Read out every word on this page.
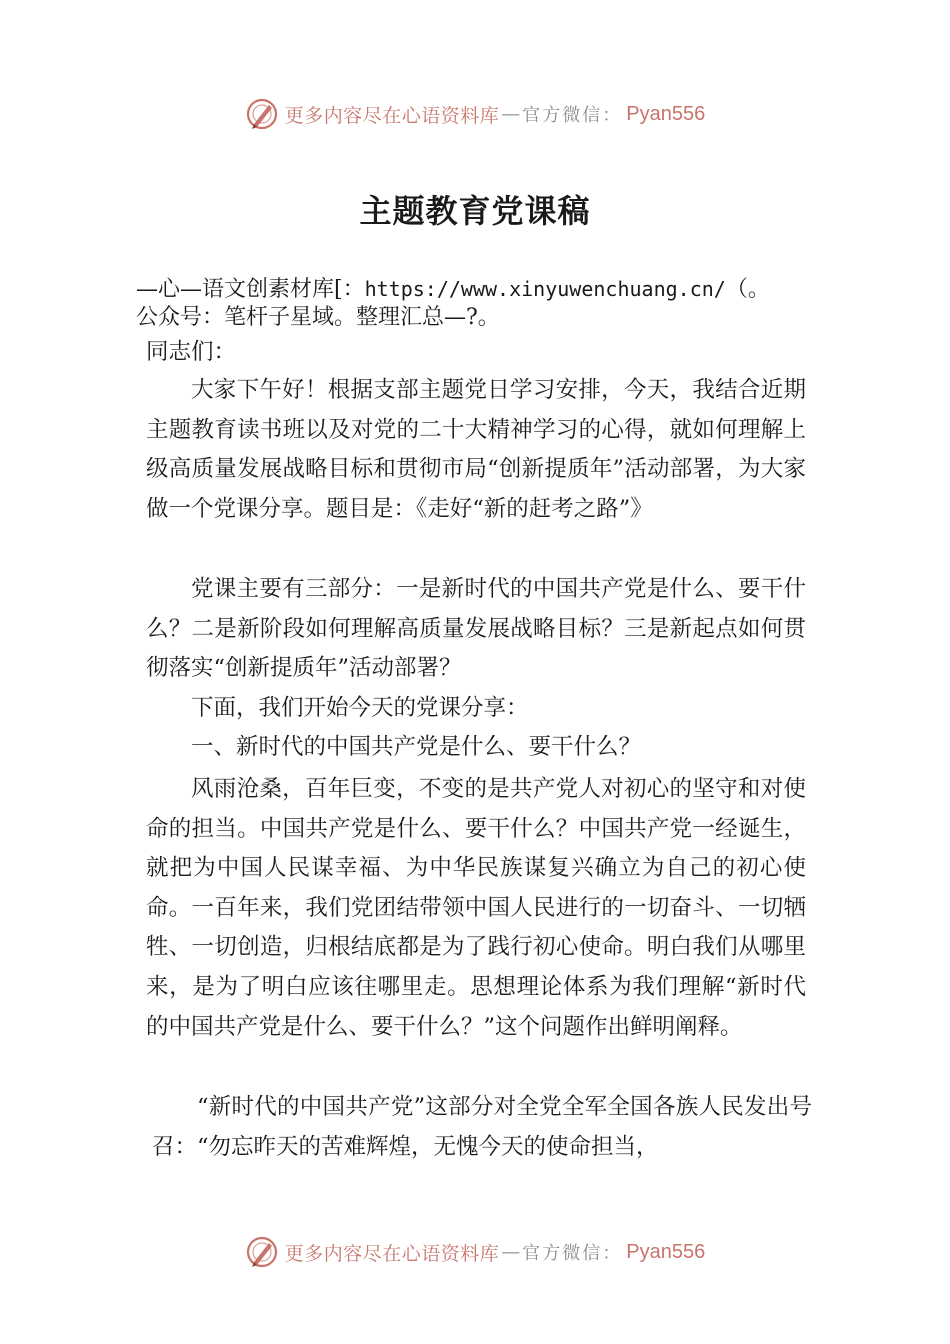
更多内容尽在心语资料库 — 官方微信： Pyan556
主题教育党课稿
—心—语文创素材库[：https://www.xinyuwenchuang.cn/（。
公众号：笔杆子星域。整理汇总—?。
同志们：
大家下午好！根据支部主题党日学习安排，今天，我结合近期主题教育读书班以及对党的二十大精神学习的心得，就如何理解上级高质量发展战略目标和贯彻市局“创新提质年”活动部署，为大家做一个党课分享。题目是：《走好“新的赶考之路”》
党课主要有三部分：一是新时代的中国共产党是什么、要干什么？二是新阶段如何理解高质量发展战略目标？三是新起点如何贯彻落实“创新提质年”活动部署？
下面，我们开始今天的党课分享：
一、新时代的中国共产党是什么、要干什么？
风雨沧桑，百年巨变，不变的是共产党人对初心的坚守和对使命的担当。中国共产党是什么、要干什么？中国共产党一经诞生，就把为中国人民谋幸福、为中华民族谋复兴确立为自己的初心使命。一百年来，我们党团结带领中国人民进行的一切奋斗、一切牺牲、一切创造，归根结底都是为了践行初心使命。明白我们从哪里来，是为了明白应该往哪里走。思想理论体系为我们理解“新时代的中国共产党是什么、要干什么？”这个问题作出鲜明阐释。
“新时代的中国共产党”这部分对全党全军全国各族人民发出号召：“勿忘昨天的苦难辉煌，无愧今天的使命担当，
更多内容尽在心语资料库 — 官方微信： Pyan556
